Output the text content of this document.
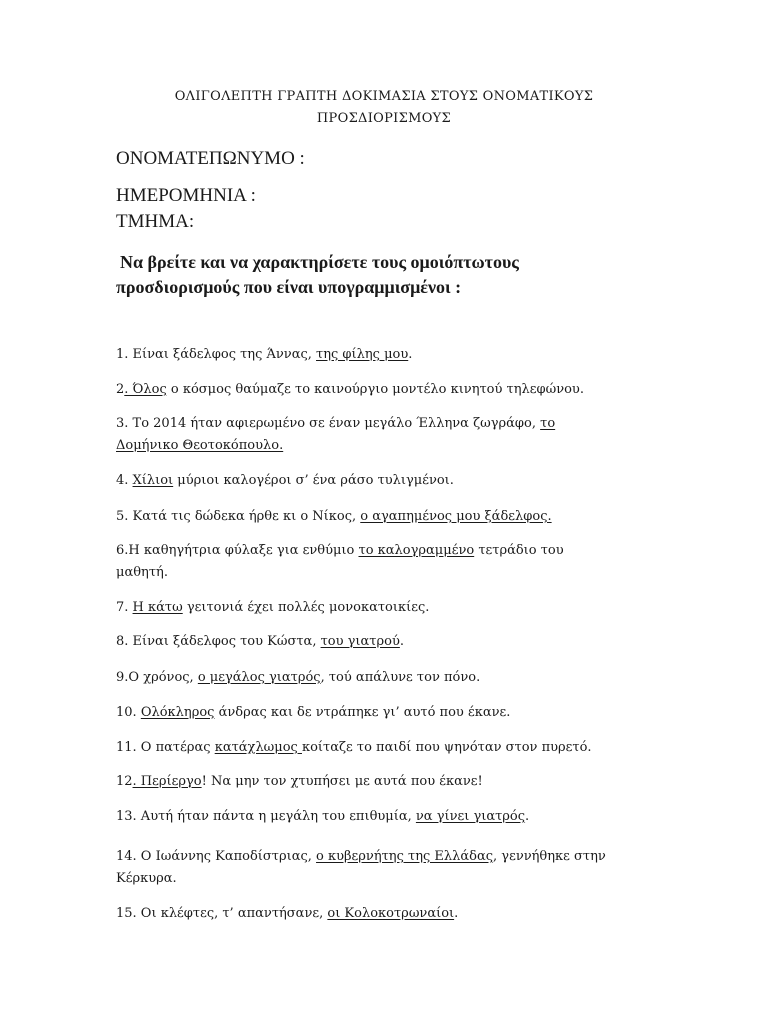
ΟΛΙΓΟΛΕΠΤΗ ΓΡΑΠΤΗ ΔΟΚΙΜΑΣΙΑ ΣΤΟΥΣ ΟΝΟΜΑΤΙΚΟΥΣ
ΠΡΟΣΔΙΟΡΙΣΜΟΥΣ
ΟΝΟΜΑΤΕΠΩΝΥΜΟ :
ΗΜΕΡΟΜΗΝΙΑ :
ΤΜΗΜΑ:
Να βρείτε και να χαρακτηρίσετε τους ομοιόπτωτους
προσδιορισμούς που είναι υπογραμμισμένοι :
1. Είναι ξάδελφος της Άννας, της φίλης μου.
2. Όλος ο κόσμος θαύμαζε το καινούργιο μοντέλο κινητού τηλεφώνου.
3. Το 2014 ήταν αφιερωμένο σε έναν μεγάλο Έλληνα ζωγράφο, το Δομήνικο Θεοτοκόπουλο.
4. Χίλιοι μύριοι καλογέροι σ’ ένα ράσο τυλιγμένοι.
5. Κατά τις δώδεκα ήρθε κι ο Νίκος, ο αγαπημένος μου ξάδελφος.
6.Η καθηγήτρια φύλαξε για ενθύμιο το καλογραμμένο τετράδιο του μαθητή.
7. Η κάτω γειτονιά έχει πολλές μονοκατοικίες.
8. Είναι ξάδελφος του Κώστα, του γιατρού.
9.Ο χρόνος, ο μεγάλος γιατρός, τού απάλυνε τον πόνο.
10. Ολόκληρος άνδρας και δε ντράπηκε γι’ αυτό που έκανε.
11. Ο πατέρας κατάχλωμος κοίταζε το παιδί που ψηνόταν στον πυρετό.
12. Περίεργο! Να μην τον χτυπήσει με αυτά που έκανε!
13. Αυτή ήταν πάντα η μεγάλη του επιθυμία, να γίνει γιατρός.
14. Ο Ιωάννης Καποδίστριας, ο κυβερνήτης της Ελλάδας, γεννήθηκε στην Κέρκυρα.
15. Οι κλέφτες, τ’ απαντήσανε, οι Κολοκοτρωναίοι.
